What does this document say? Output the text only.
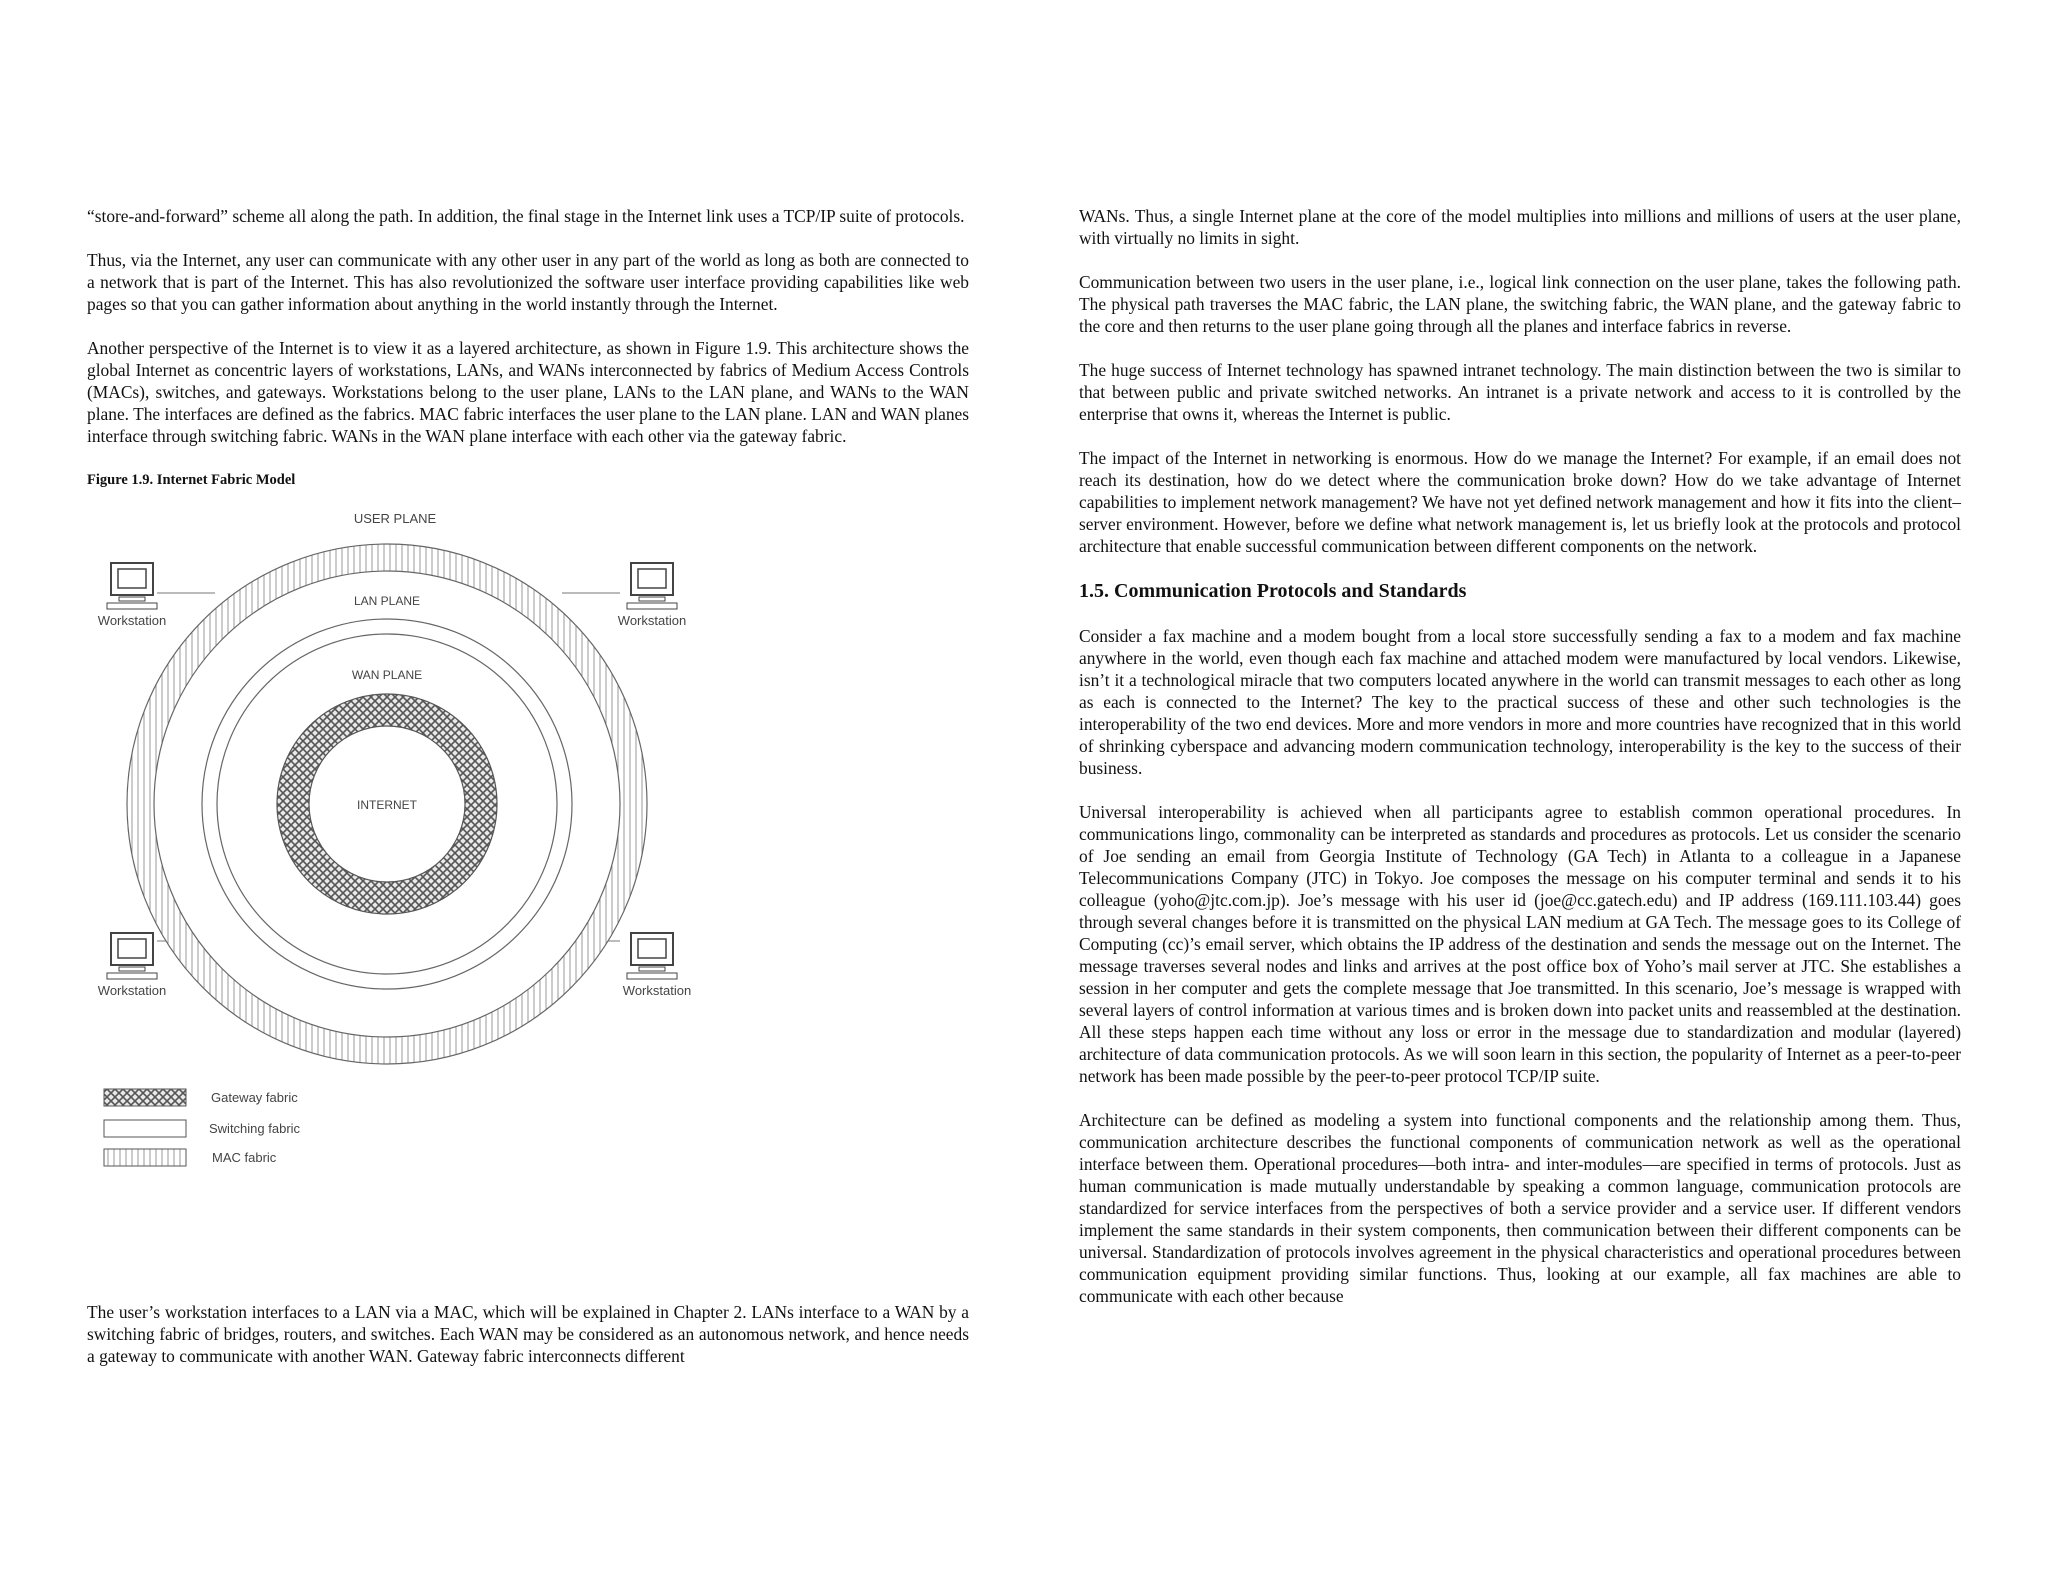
“store-and-forward” scheme all along the path. In addition, the final stage in the Internet link uses a TCP/IP suite of protocols.

Thus, via the Internet, any user can communicate with any other user in any part of the world as long as both are connected to a network that is part of the Internet. This has also revolutionized the software user interface providing capabilities like web pages so that you can gather information about anything in the world instantly through the Internet.

Another perspective of the Internet is to view it as a layered architecture, as shown in Figure 1.9. This architecture shows the global Internet as concentric layers of workstations, LANs, and WANs interconnected by fabrics of Medium Access Controls (MACs), switches, and gateways. Workstations belong to the user plane, LANs to the LAN plane, and WANs to the WAN plane. The interfaces are defined as the fabrics. MAC fabric interfaces the user plane to the LAN plane. LAN and WAN planes interface through switching fabric. WANs in the WAN plane interface with each other via the gateway fabric.

Figure 1.9. Internet Fabric Model
USER PLANE
LAN PLANE
WAN PLANE
INTERNET
Workstation	Workstation
Workstation	Workstation
Gateway fabric
Switching fabric
MAC fabric

The user’s workstation interfaces to a LAN via a MAC, which will be explained in Chapter 2. LANs interface to a WAN by a switching fabric of bridges, routers, and switches. Each WAN may be considered as an autonomous network, and hence needs a gateway to communicate with another WAN. Gateway fabric interconnects different

WANs. Thus, a single Internet plane at the core of the model multiplies into millions and millions of users at the user plane, with virtually no limits in sight.

Communication between two users in the user plane, i.e., logical link connection on the user plane, takes the following path. The physical path traverses the MAC fabric, the LAN plane, the switching fabric, the WAN plane, and the gateway fabric to the core and then returns to the user plane going through all the planes and interface fabrics in reverse.

The huge success of Internet technology has spawned intranet technology. The main distinction between the two is similar to that between public and private switched networks. An intranet is a private network and access to it is controlled by the enterprise that owns it, whereas the Internet is public.

The impact of the Internet in networking is enormous. How do we manage the Internet? For example, if an email does not reach its destination, how do we detect where the communication broke down? How do we take advantage of Internet capabilities to implement network management? We have not yet defined network management and how it fits into the client–server environment. However, before we define what network management is, let us briefly look at the protocols and protocol architecture that enable successful communication between different components on the network.

1.5. Communication Protocols and Standards

Consider a fax machine and a modem bought from a local store successfully sending a fax to a modem and fax machine anywhere in the world, even though each fax machine and attached modem were manufactured by local vendors. Likewise, isn’t it a technological miracle that two computers located anywhere in the world can transmit messages to each other as long as each is connected to the Internet? The key to the practical success of these and other such technologies is the interoperability of the two end devices. More and more vendors in more and more countries have recognized that in this world of shrinking cyberspace and advancing modern communication technology, interoperability is the key to the success of their business.

Universal interoperability is achieved when all participants agree to establish common operational procedures. In communications lingo, commonality can be interpreted as standards and procedures as protocols. Let us consider the scenario of Joe sending an email from Georgia Institute of Technology (GA Tech) in Atlanta to a colleague in a Japanese Telecommunications Company (JTC) in Tokyo. Joe composes the message on his computer terminal and sends it to his colleague (yoho@jtc.com.jp). Joe’s message with his user id (joe@cc.gatech.edu) and IP address (169.111.103.44) goes through several changes before it is transmitted on the physical LAN medium at GA Tech. The message goes to its College of Computing (cc)’s email server, which obtains the IP address of the destination and sends the message out on the Internet. The message traverses several nodes and links and arrives at the post office box of Yoho’s mail server at JTC. She establishes a session in her computer and gets the complete message that Joe transmitted. In this scenario, Joe’s message is wrapped with several layers of control information at various times and is broken down into packet units and reassembled at the destination. All these steps happen each time without any loss or error in the message due to standardization and modular (layered) architecture of data communication protocols. As we will soon learn in this section, the popularity of Internet as a peer-to-peer network has been made possible by the peer-to-peer protocol TCP/IP suite.

Architecture can be defined as modeling a system into functional components and the relationship among them. Thus, communication architecture describes the functional components of communication network as well as the operational interface between them. Operational procedures—both intra- and inter-modules—are specified in terms of protocols. Just as human communication is made mutually understandable by speaking a common language, communication protocols are standardized for service interfaces from the perspectives of both a service provider and a service user. If different vendors implement the same standards in their system components, then communication between their different components can be universal. Standardization of protocols involves agreement in the physical characteristics and operational procedures between communication equipment providing similar functions. Thus, looking at our example, all fax machines are able to communicate with each other because
